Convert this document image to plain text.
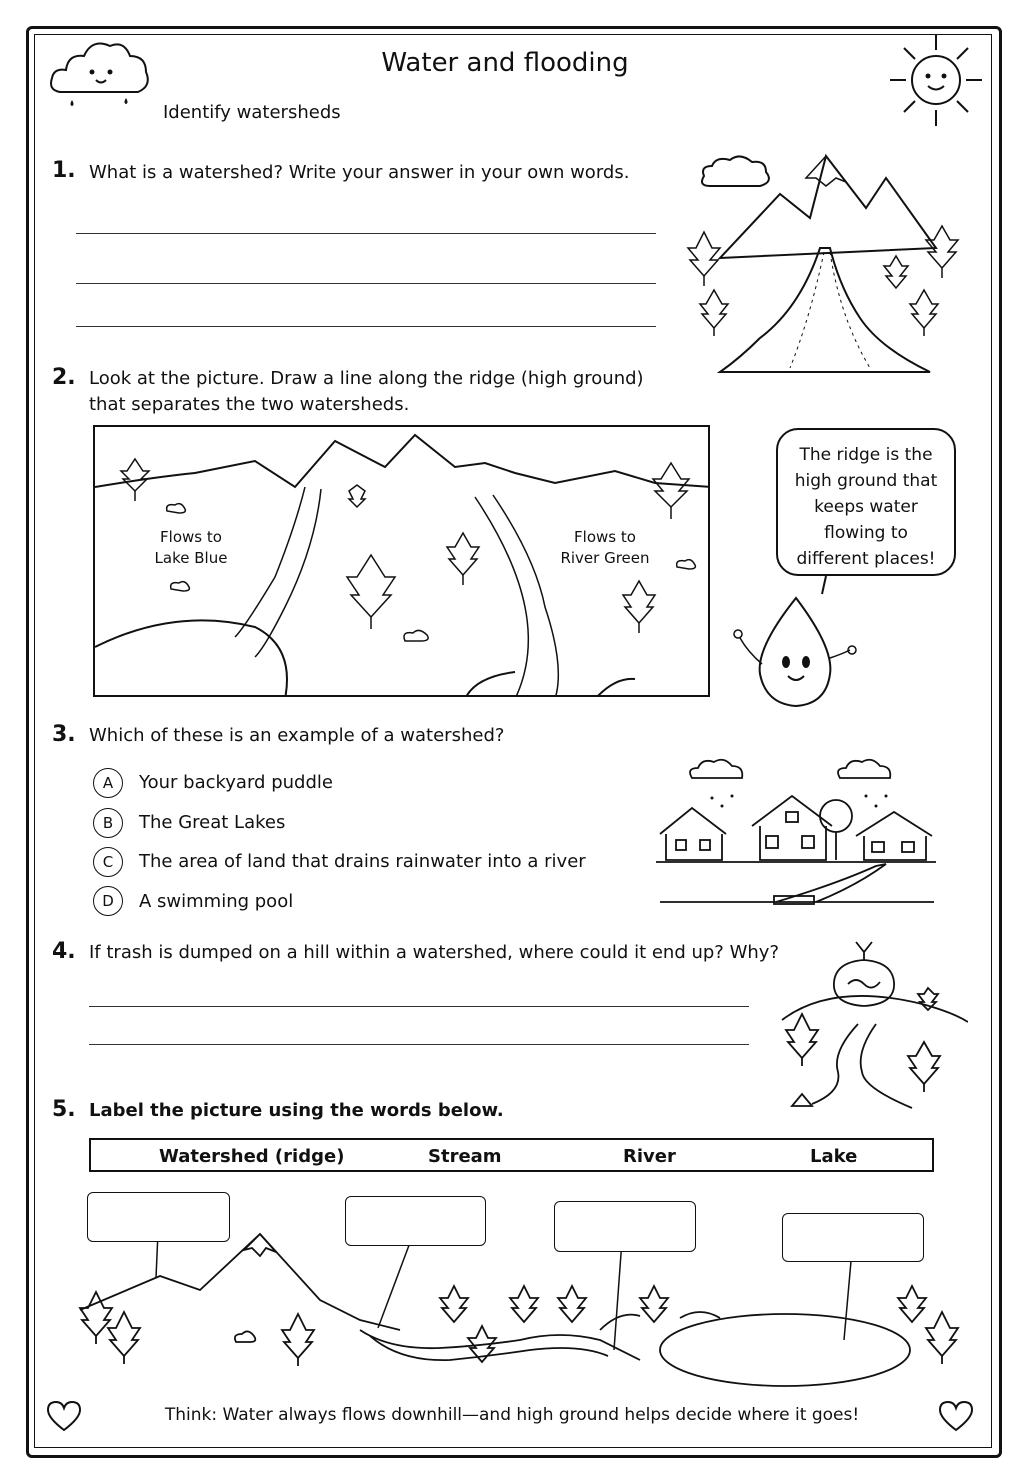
Water and flooding
Identify watersheds
1. What is a watershed? Write your answer in your own words.
2. Look at the picture. Draw a line along the ridge (high ground)
that separates the two watersheds.
Flows to
Lake Blue
Flows to
River Green
The ridge is the
high ground that
keeps water
flowing to
different places!
3. Which of these is an example of a watershed?
A	Your backyard puddle
B	The Great Lakes
C	The area of land that drains rainwater into a river
D	A swimming pool
4. If trash is dumped on a hill within a watershed, where could it end up? Why?
5. Label the picture using the words below.
Watershed (ridge)	Stream	River	Lake
Think: Water always flows downhill—and high ground helps decide where it goes!
